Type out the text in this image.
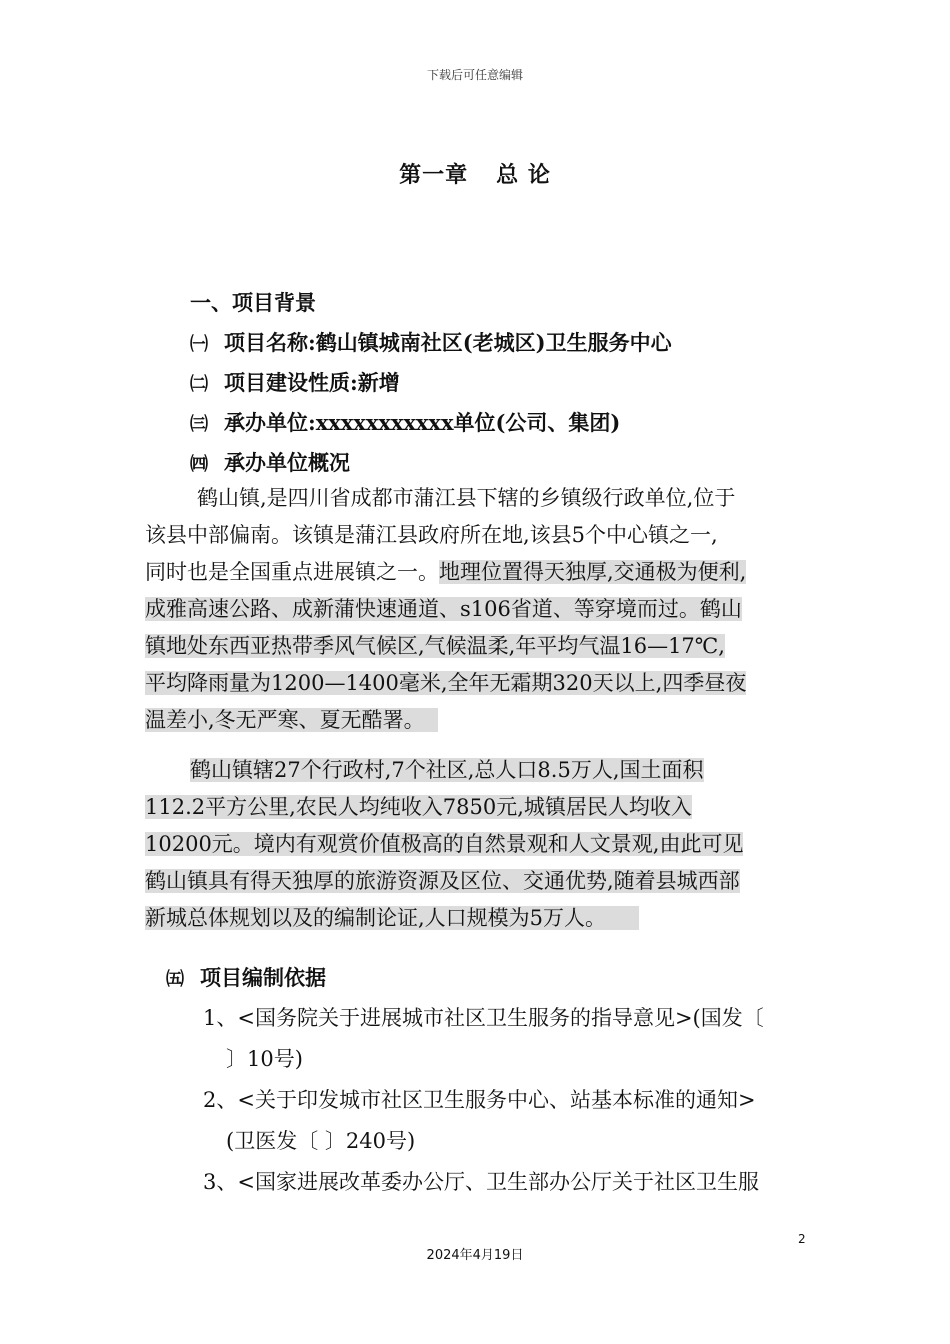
下载后可任意编辑
第一章 总 论
一、项目背景
㈠ 项目名称:鹤山镇城南社区(老城区)卫生服务中心
㈡ 项目建设性质:新增
㈢ 承办单位:xxxxxxxxxxx单位(公司、集团)
㈣ 承办单位概况
鹤山镇,是四川省成都市蒲江县下辖的乡镇级行政单位,位于
该县中部偏南。该镇是蒲江县政府所在地,该县5个中心镇之一,
同时也是全国重点进展镇之一。地理位置得天独厚,交通极为便利,
成雅高速公路、成新蒲快速通道、s106省道、等穿境而过。鹤山
镇地处东西亚热带季风气候区,气候温柔,年平均气温16—17℃,
平均降雨量为1200—1400毫米,全年无霜期320天以上,四季昼夜
温差小,冬无严寒、夏无酷署。
鹤山镇辖27个行政村,7个社区,总人口8.5万人,国土面积
112.2平方公里,农民人均纯收入7850元,城镇居民人均收入
10200元。境内有观赏价值极高的自然景观和人文景观,由此可见
鹤山镇具有得天独厚的旅游资源及区位、交通优势,随着县城西部
新城总体规划以及的编制论证,人口规模为5万人。
㈤ 项目编制依据
1、<国务院关于进展城市社区卫生服务的指导意见>(国发〔
〕10号)
2、<关于印发城市社区卫生服务中心、站基本标准的通知>
(卫医发〔 〕240号)
3、<国家进展改革委办公厅、卫生部办公厅关于社区卫生服
2
2024年4月19日
